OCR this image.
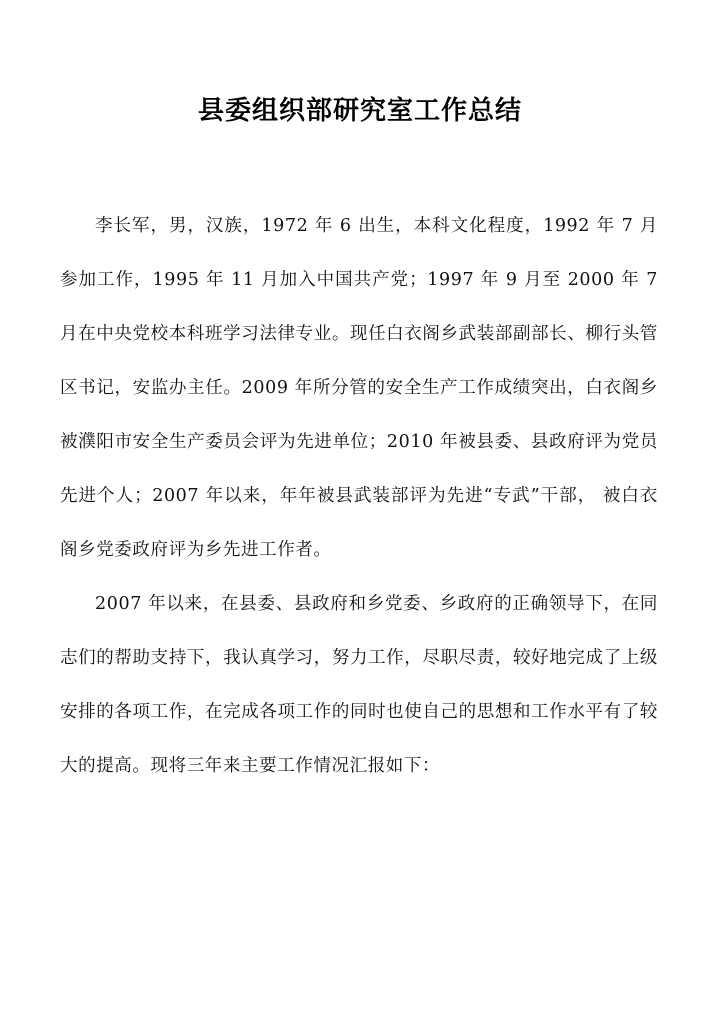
县委组织部研究室工作总结

李长军，男，汉族，1972 年 6 出生，本科文化程度，1992 年 7 月参加工作，1995 年 11 月加入中国共产党；1997 年 9 月至 2000 年 7 月在中央党校本科班学习法律专业。现任白衣阁乡武装部副部长、柳行头管区书记，安监办主任。2009 年所分管的安全生产工作成绩突出，白衣阁乡被濮阳市安全生产委员会评为先进单位；2010 年被县委、县政府评为党员先进个人；2007 年以来，年年被县武装部评为先进“专武”干部， 被白衣阁乡党委政府评为乡先进工作者。

2007 年以来，在县委、县政府和乡党委、乡政府的正确领导下，在同志们的帮助支持下，我认真学习，努力工作，尽职尽责，较好地完成了上级安排的各项工作，在完成各项工作的同时也使自己的思想和工作水平有了较大的提高。现将三年来主要工作情况汇报如下：
